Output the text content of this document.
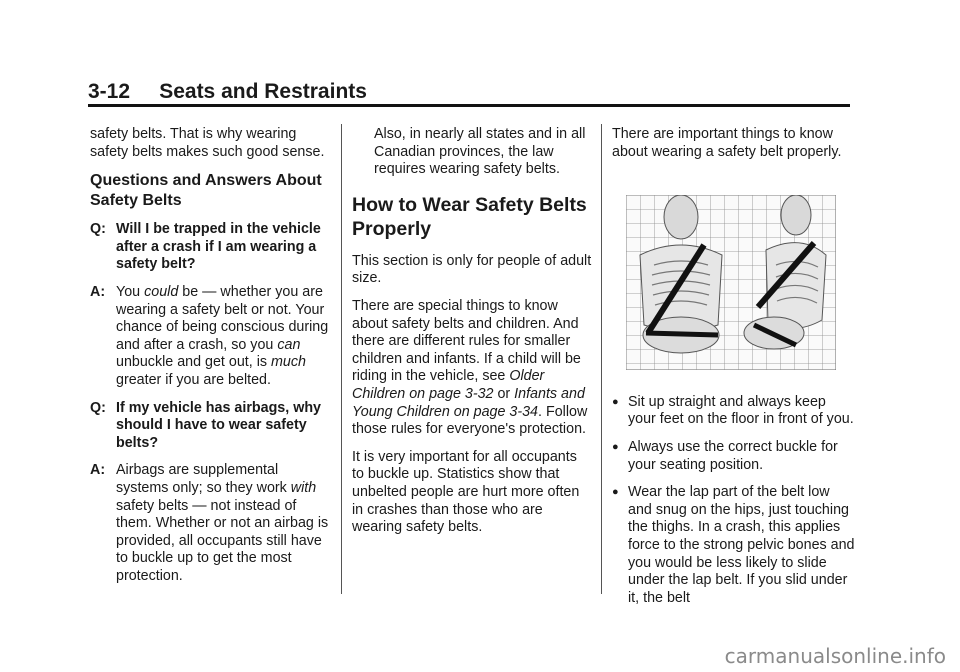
3-12     Seats and Restraints

safety belts. That is why wearing safety belts makes such good sense.

Questions and Answers About Safety Belts
Q: Will I be trapped in the vehicle after a crash if I am wearing a safety belt?
A: You could be — whether you are wearing a safety belt or not. Your chance of being conscious during and after a crash, so you can unbuckle and get out, is much greater if you are belted.
Q: If my vehicle has airbags, why should I have to wear safety belts?
A: Airbags are supplemental systems only; so they work with safety belts — not instead of them. Whether or not an airbag is provided, all occupants still have to buckle up to get the most protection.

Also, in nearly all states and in all Canadian provinces, the law requires wearing safety belts.

How to Wear Safety Belts Properly

This section is only for people of adult size.

There are special things to know about safety belts and children. And there are different rules for smaller children and infants. If a child will be riding in the vehicle, see Older Children on page 3-32 or Infants and Young Children on page 3-34. Follow those rules for everyone's protection.

It is very important for all occupants to buckle up. Statistics show that unbelted people are hurt more often in crashes than those who are wearing safety belts.

There are important things to know about wearing a safety belt properly.

● Sit up straight and always keep your feet on the floor in front of you.
● Always use the correct buckle for your seating position.
● Wear the lap part of the belt low and snug on the hips, just touching the thighs. In a crash, this applies force to the strong pelvic bones and you would be less likely to slide under the lap belt. If you slid under it, the belt
carmanualsonline.info
